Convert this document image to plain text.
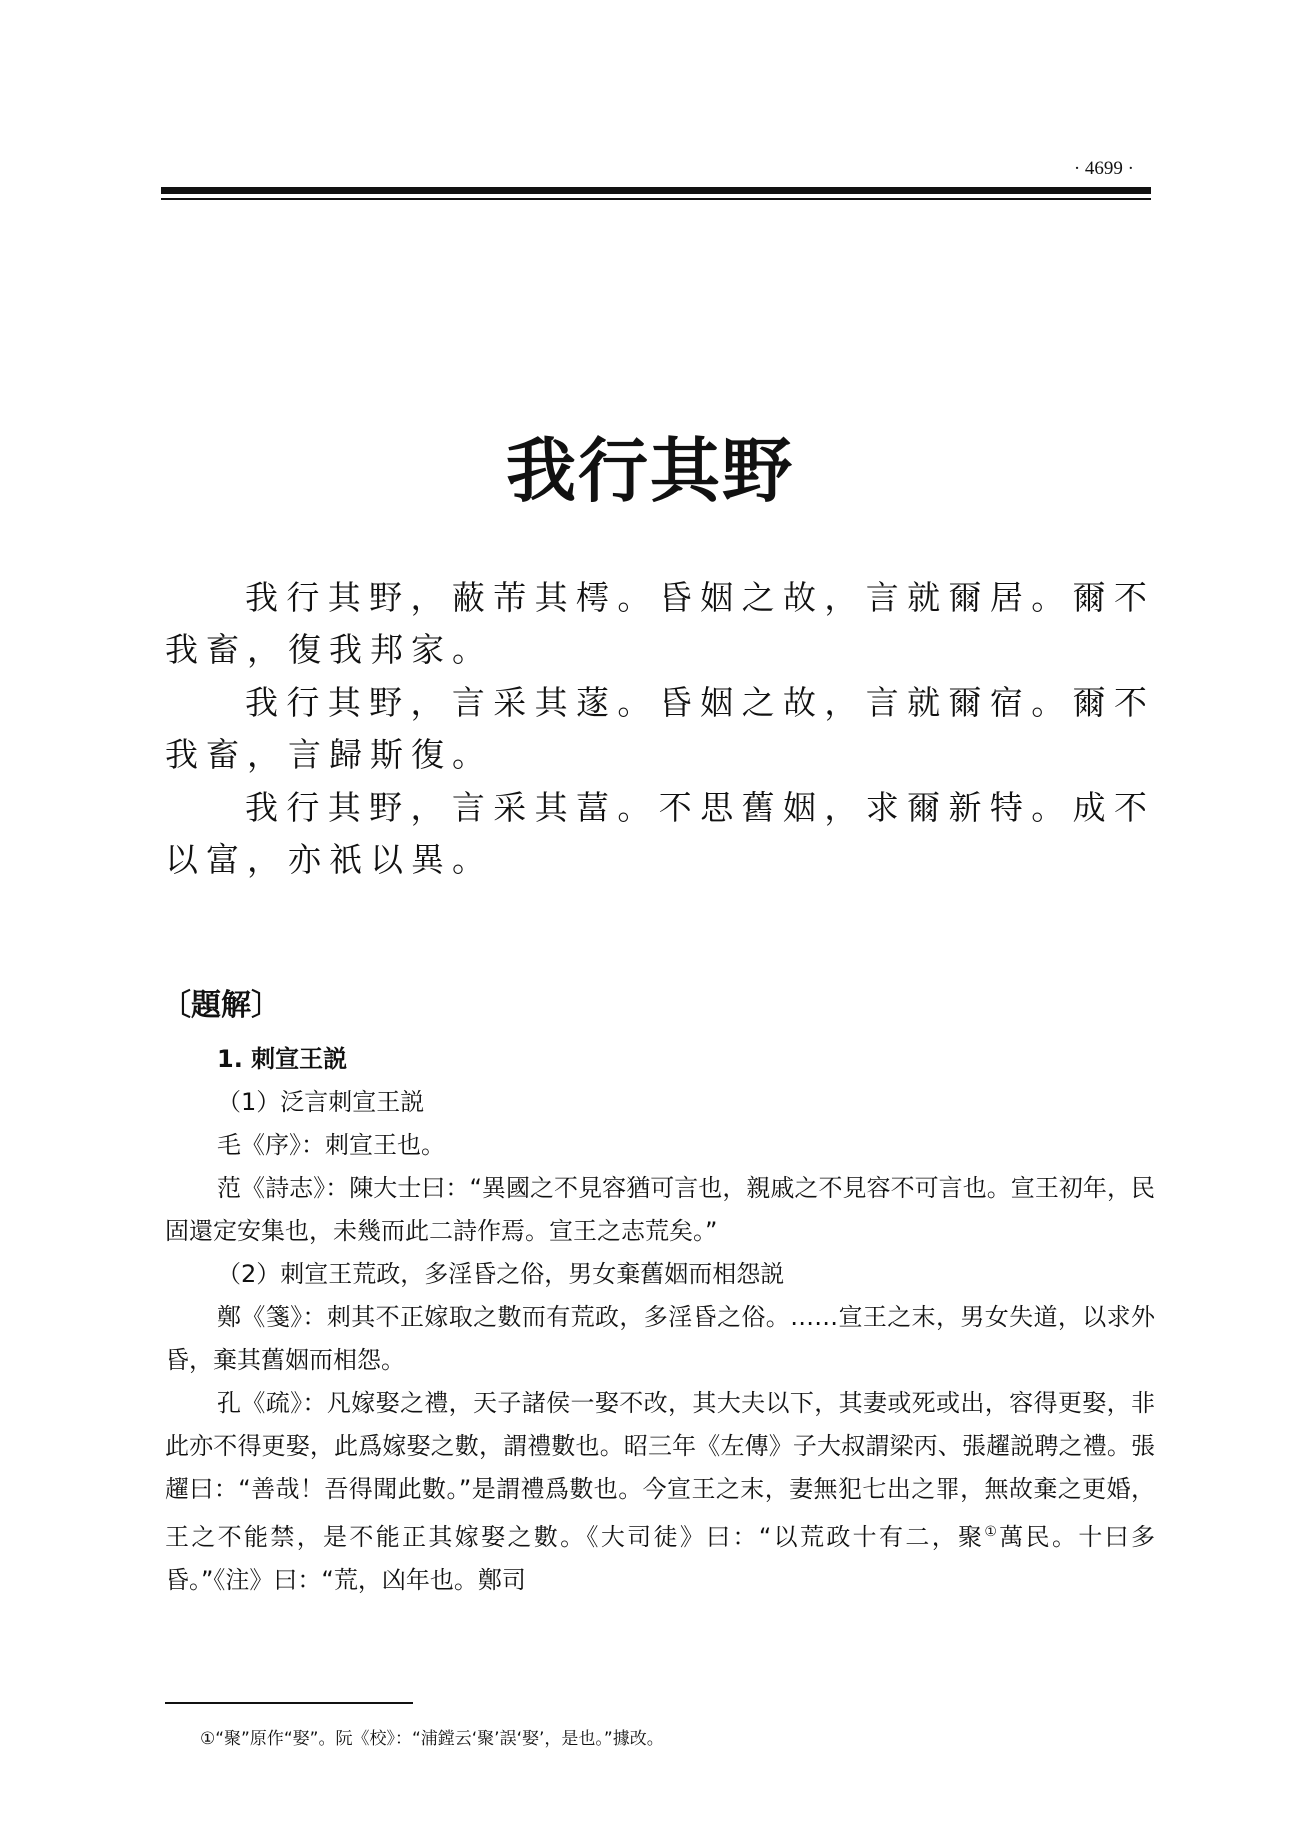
· 4699 ·
我行其野

我行其野，蔽芾其樗。昏姻之故，言就爾居。爾不我畜，復我邦家。

我行其野，言采其蓫。昏姻之故，言就爾宿。爾不我畜，言歸斯復。

我行其野，言采其葍。不思舊姻，求爾新特。成不以富，亦祇以異。

〔題解〕

1. 刺宣王説

（1）泛言刺宣王説

毛《序》：刺宣王也。

范《詩志》：陳大士曰：“異國之不見容猶可言也，親戚之不見容不可言也。宣王初年，民固還定安集也，未幾而此二詩作焉。宣王之志荒矣。”

（2）刺宣王荒政，多淫昏之俗，男女棄舊姻而相怨説

鄭《箋》：刺其不正嫁取之數而有荒政，多淫昏之俗。……宣王之末，男女失道，以求外昏，棄其舊姻而相怨。

孔《疏》：凡嫁娶之禮，天子諸侯一娶不改，其大夫以下，其妻或死或出，容得更娶，非此亦不得更娶，此爲嫁娶之數，謂禮數也。昭三年《左傳》子大叔謂梁丙、張趯説聘之禮。張趯曰：“善哉！吾得聞此數。”是謂禮爲數也。今宣王之末，妻無犯七出之罪，無故棄之更婚，王之不能禁，是不能正其嫁娶之數。《大司徒》曰：“以荒政十有二，聚①萬民。十曰多昏。”《注》曰：“荒，凶年也。鄭司

①“聚”原作“娶”。阮《校》：“浦鏜云‘聚’誤‘娶’，是也。”據改。
